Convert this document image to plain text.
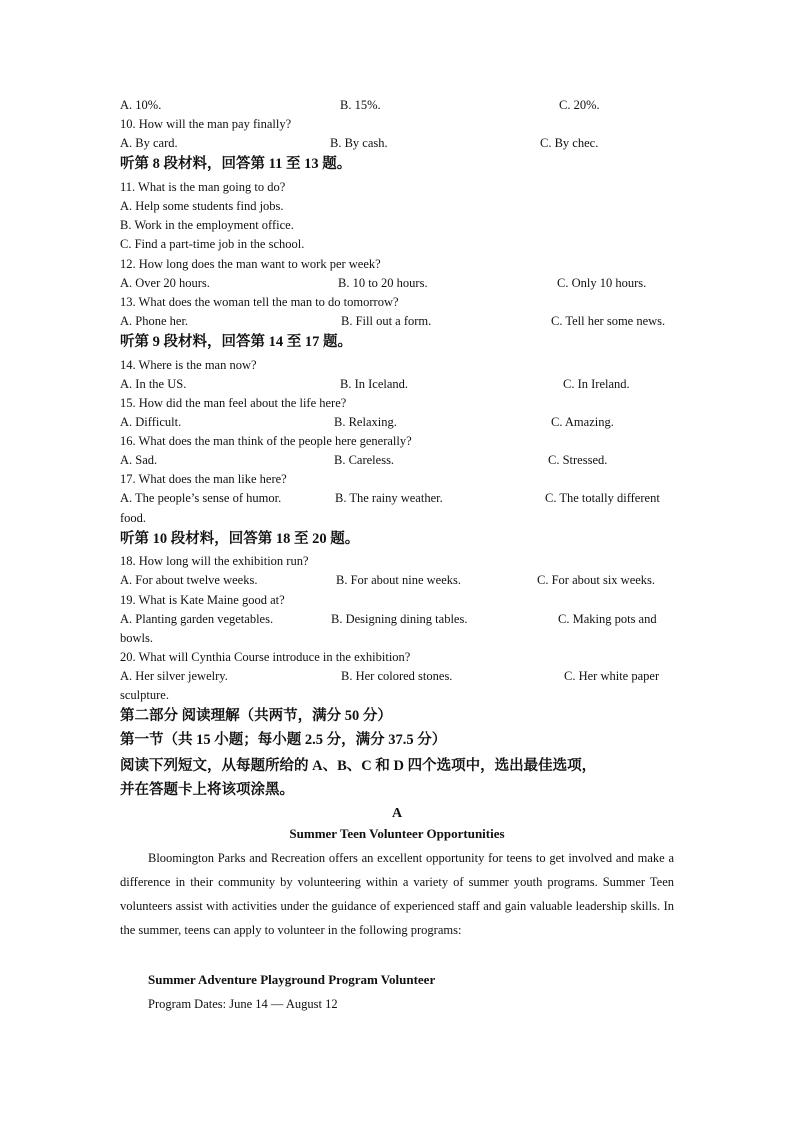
A. 10%.	B. 15%.	C. 20%.
10. How will the man pay finally?
A. By card.	B. By cash.	C. By chec.
听第 8 段材料，回答第 11 至 13 题。
11. What is the man going to do?
A. Help some students find jobs.
B. Work in the employment office.
C. Find a part-time job in the school.
12. How long does the man want to work per week?
A. Over 20 hours.	B. 10 to 20 hours.	C. Only 10 hours.
13. What does the woman tell the man to do tomorrow?
A. Phone her.	B. Fill out a form.	C. Tell her some news.
听第 9 段材料，回答第 14 至 17 题。
14. Where is the man now?
A. In the US.	B. In Iceland.	C. In Ireland.
15. How did the man feel about the life here?
A. Difficult.	B. Relaxing.	C. Amazing.
16. What does the man think of the people here generally?
A. Sad.	B. Careless.	C. Stressed.
17. What does the man like here?
A. The people’s sense of humor.	B. The rainy weather.	C. The totally different
food.
听第 10 段材料，回答第 18 至 20 题。
18. How long will the exhibition run?
A. For about twelve weeks.	B. For about nine weeks.	C. For about six weeks.
19. What is Kate Maine good at?
A. Planting garden vegetables.	B. Designing dining tables.	C. Making pots and
bowls.
20. What will Cynthia Course introduce in the exhibition?
A. Her silver jewelry.	B. Her colored stones.	C. Her white paper
sculpture.
第二部分 阅读理解（共两节，满分 50 分）
第一节（共 15 小题；每小题 2.5 分，满分 37.5 分）
阅读下列短文，从每题所给的 A、B、C 和 D 四个选项中，选出最佳选项，
并在答题卡上将该项涂黑。
A
Summer Teen Volunteer Opportunities
Bloomington Parks and Recreation offers an excellent opportunity for teens to get involved and make a difference in their community by volunteering within a variety of summer youth programs. Summer Teen volunteers assist with activities under the guidance of experienced staff and gain valuable leadership skills. In the summer, teens can apply to volunteer in the following programs:
Summer Adventure Playground Program Volunteer
Program Dates: June 14 — August 12
